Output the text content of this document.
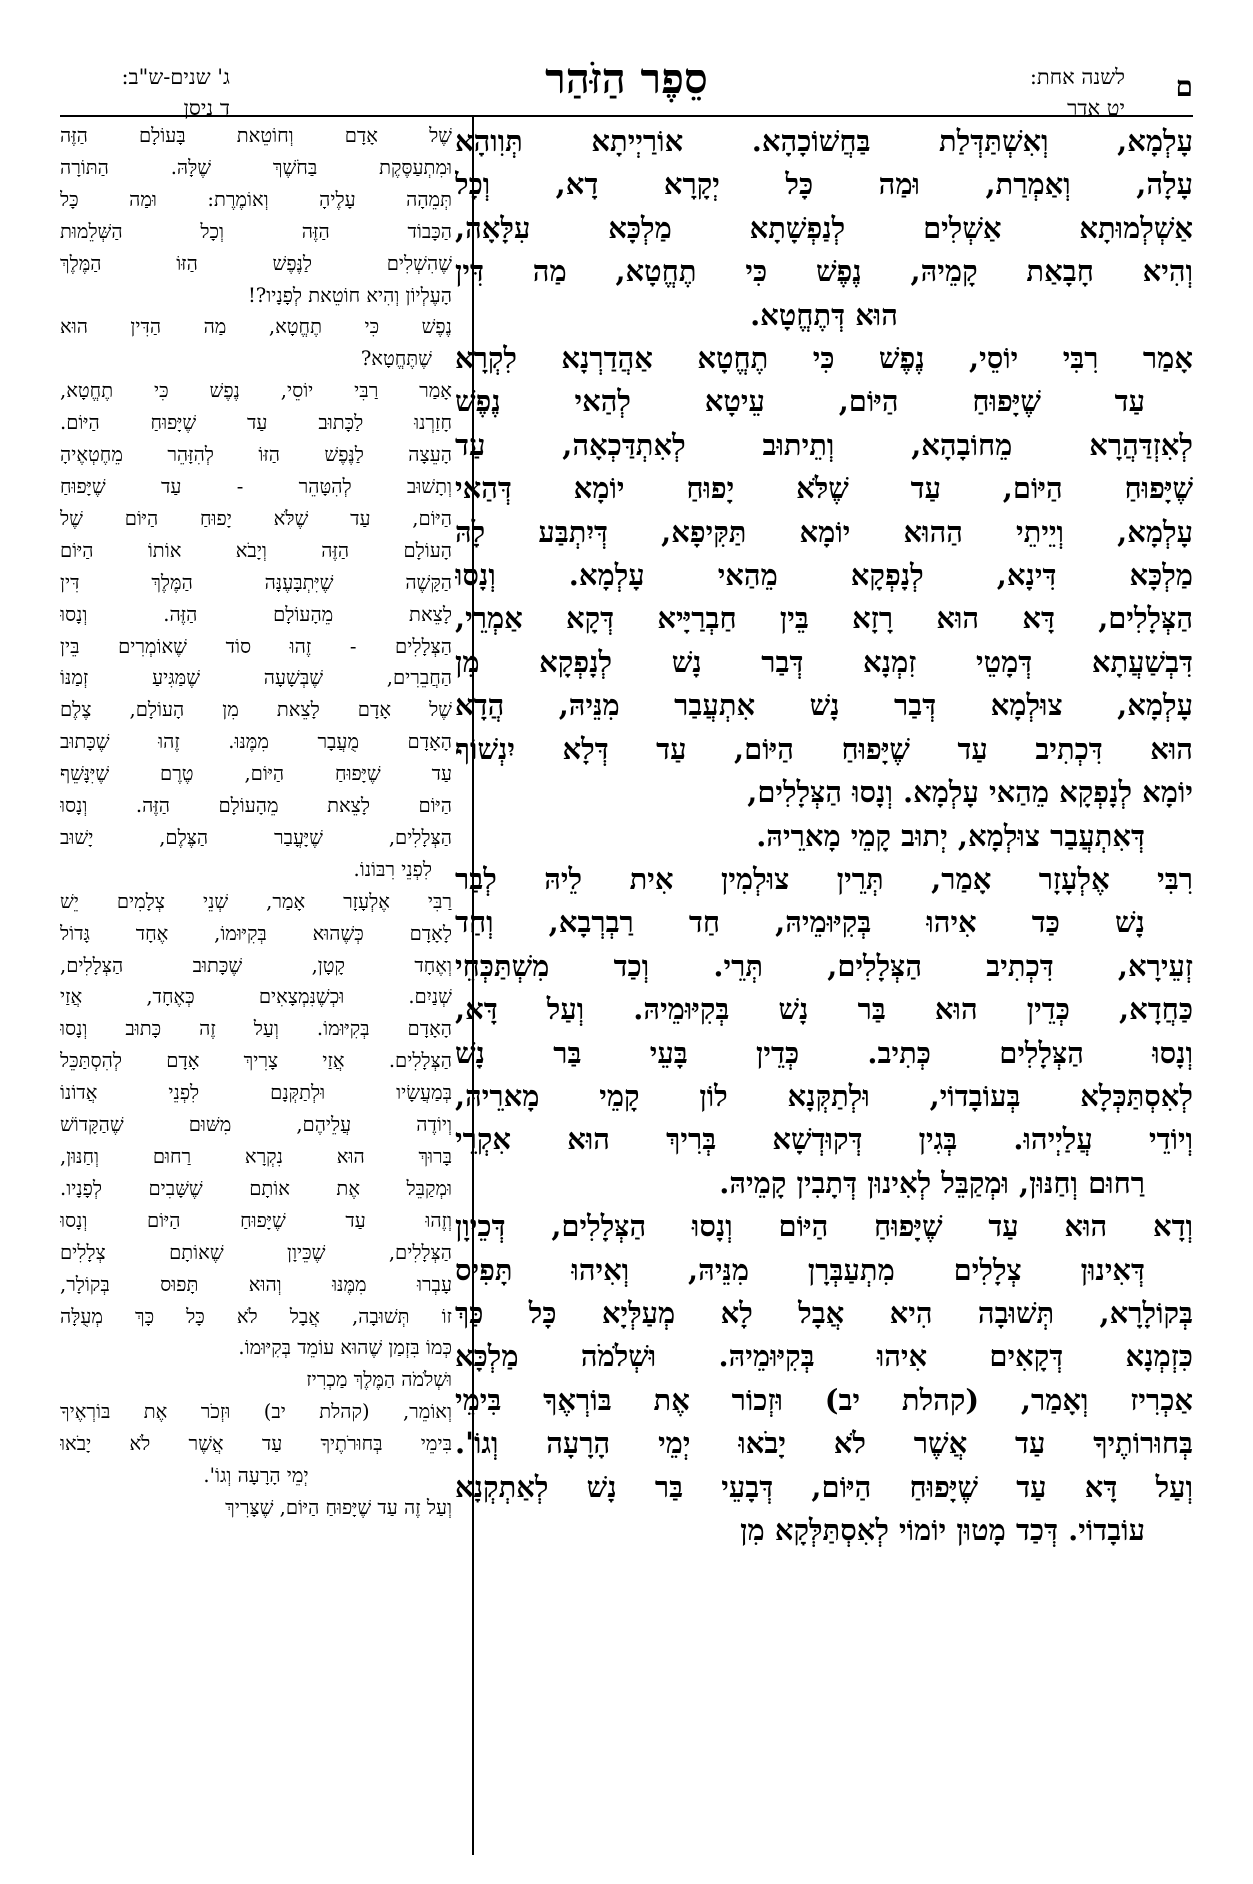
ם
לשנה אחת:
יט אדר
סֵפֶר הַזֹּהַר
ג' שנים-ש"ב:
ד ניסן
עָלְמָא, וְאִשְׁתַּדְּלַת בַּחֲשׁוֹכָהָא. אוֹרַיְיתָא תְּוִוהָא
עָלָה, וְאַמְרַת, וּמַה כָּל יְקָרָא דָא, וְכָל
אַשְׁלְמוּתָא אַשְׁלִים לְנַפְשָׁתָא מַלְכָּא עִלָּאָה,
וְהִיא חָבָאַת קָמֵיהּ, נֶפֶשׁ כִּי תֶחֱטָא, מַה דִּין
הוּא דְּתֶחֱטָא.
אָמַר רִבִּי יוֹסֵי, נֶפֶשׁ כִּי תֶחֱטָא אַהֲדַרְנָא לִקְרָא
עַד שֶׁיָּפוּחַ הַיּוֹם, עֵיטָא לְהַאי נֶפֶשׁ
לְאִזְדַּהֲרָא מֵחוֹבָהָא, וְתֵיתוּב לְאִתְדַּכְאָה, עַד
שֶׁיָּפוּחַ הַיּוֹם, עַד שֶׁלֹּא יָפוּחַ יוֹמָא דְּהַאי
עָלְמָא, וְיֵיתֵי הַהוּא יוֹמָא תַּקִּיפָא, דְּיִתְבַּע לָהּ
מַלְכָּא דִּינָא, לְנָפְקָא מֵהַאי עָלְמָא. וְנָסוּ
הַצְּלָלִים, דָּא הוּא רָזָא בֵּין חַבְרַיָּיא דְּקָא אַמְרֵי,
דִּבְשַׁעֲתָא דְּמָטֵי זִמְנָא דְּבַר נָשׁ לְנָפְקָא מִן
עָלְמָא, צוּלְמָא דְּבַר נָשׁ אִתְעֲבַר מִנֵּיהּ, הֲדָא
הוּא דִּכְתִיב עַד שֶׁיָּפוּחַ הַיּוֹם, עַד דְּלָא יִנְשׁוֹף
יוֹמָא לְנָפְקָא מֵהַאי עָלְמָא. וְנָסוּ הַצְּלָלִים,
דְּאִתְעֲבַר צוּלְמָא, יְתוּב קָמֵי מָארֵיהּ.
רִבִּי אֶלְעָזָר אָמַר, תְּרֵין צוּלְמִין אִית לֵיהּ לְבַר
נָשׁ כַּד אִיהוּ בְּקִיּוּמֵיהּ, חַד רַבְרְבָא, וְחַד
זְעֵירָא, דִּכְתִיב הַצְּלָלִים, תְּרֵי. וְכַד מִשְׁתַּכְּחֵי
כַּחֲדָא, כְּדֵין הוּא בַּר נָשׁ בְּקִיּוּמֵיהּ. וְעַל דָּא,
וְנָסוּ הַצְּלָלִים כְּתִיב. כְּדֵין בָּעֵי בַּר נָשׁ
לְאִסְתַּכְּלָא בְּעוֹבָדוֹי, וּלְתַקְּנָא לוֹן קָמֵי מָארֵיהּ,
וְיוֹדֵי עֲלַיְיהוּ. בְּגִין דְּקוּדְשָׁא בְּרִיךְ הוּא אִקְרֵי
רַחוּם וְחַנּוּן, וּמְקַבֵּל לְאִינוּן דְּתָבִין קָמֵיהּ.
וְדָא הוּא עַד שֶׁיָּפוּחַ הַיּוֹם וְנָסוּ הַצְּלָלִים, דְּכֵיוָן
דְּאִינוּן צְלָלִים מִתְעַבְּרָן מִנֵּיהּ, וְאִיהוּ תָּפִיס
בְּקוֹלָרָא, תְּשׁוּבָה הִיא אֲבָל לָא מְעַלְּיָא כָּל כַּךְ
כִּזְמְנָא דְּקָאִים אִיהוּ בְּקִיּוּמֵיהּ. וּשְׁלֹמֹה מַלְכָּא
אַכְרִיז וְאָמַר, (קהלת יב) וּזְכוֹר אֶת בּוֹרְאֶךָ בִּימֵי
בְּחוּרוֹתֶיךָ עַד אֲשֶׁר לֹא יָבֹאוּ יְמֵי הָרָעָה וְגוֹ'.
וְעַל דָּא עַד שֶׁיָּפוּחַ הַיּוֹם, דְּבָעֵי בַּר נָשׁ לְאַתְקְנָא
עוֹבָדוֹי. דְּכַד מָטוּן יוֹמוֹי לְאִסְתַּלְּקָא מִן
שֶׁל אָדָם וְחוֹטֵאת בָּעוֹלָם הַזֶּה
וּמִתְעַסֶּקֶת בַּחֹשֶׁךְ שֶׁלָּהּ. הַתּוֹרָה
תְּמֵהָה עָלֶיהָ וְאוֹמֶרֶת: וּמַה כָּל
הַכָּבוֹד הַזֶּה וְכָל הַשְּׁלֵמוּת
שֶׁהִשְׁלִים לַנֶּפֶשׁ הַזּוֹ הַמֶּלֶךְ
הָעֶלְיוֹן וְהִיא חוֹטֵאת לְפָנָיו?!
נֶפֶשׁ כִּי תֶחֱטָא, מַה הַדִּין הוּא
שֶׁתֶּחֱטָא?
אָמַר רַבִּי יוֹסֵי, נֶפֶשׁ כִּי תֶחֱטָא,
חָזַרְנוּ לַכָּתוּב עַד שֶׁיָּפוּחַ הַיּוֹם.
הָעֵצָה לַנֶּפֶשׁ הַזּוֹ לְהִזָּהֵר מֵחֶטְאֶיהָ
וְתָשׁוּב לְהִטָּהֵר - עַד שֶׁיָּפוּחַ
הַיּוֹם, עַד שֶׁלֹּא יָפוּחַ הַיּוֹם שֶׁל
הָעוֹלָם הַזֶּה וְיָבֹא אוֹתוֹ הַיּוֹם
הַקָּשֶׁה שֶׁיִּתְבָּעֶנָּה הַמֶּלֶךְ דִּין
לָצֵאת מֵהָעוֹלָם הַזֶּה. וְנָסוּ
הַצְּלָלִים - זֶהוּ סוֹד שֶׁאוֹמְרִים בֵּין
הַחֲבֵרִים, שֶׁבְּשָׁעָה שֶׁמַּגִּיעַ זְמַנּוֹ
שֶׁל אָדָם לָצֵאת מִן הָעוֹלָם, צֶלֶם
הָאָדָם מֻעֲבָר מִמֶּנּוּ. זֶהוּ שֶׁכָּתוּב
עַד שֶׁיָּפוּחַ הַיּוֹם, טֶרֶם שֶׁיִּנָּשֵׁף
הַיּוֹם לָצֵאת מֵהָעוֹלָם הַזֶּה. וְנָסוּ
הַצְּלָלִים, שֶׁיָּעֳבַר הַצֶּלֶם, יָשׁוּב
לִפְנֵי רִבּוֹנוֹ.
רַבִּי אֶלְעָזָר אָמַר, שְׁנֵי צְלָמִים יֵשׁ
לָאָדָם כְּשֶׁהוּא בְּקִיּוּמוֹ, אֶחָד גָּדוֹל
וְאֶחָד קָטָן, שֶׁכָּתוּב הַצְּלָלִים,
שְׁנַיִם. וּכְשֶׁנִּמְצָאִים כְּאֶחָד, אֲזַי
הָאָדָם בְּקִיּוּמוֹ. וְעַל זֶה כָּתוּב וְנָסוּ
הַצְּלָלִים. אֲזַי צָרִיךְ אָדָם לְהִסְתַּכֵּל
בְּמַעֲשָׂיו וּלְתַקְּנָם לִפְנֵי אֲדוֹנוֹ
וְיוֹדֶה עֲלֵיהֶם, מִשּׁוּם שֶׁהַקָּדוֹשׁ
בָּרוּךְ הוּא נִקְרָא רַחוּם וְחַנּוּן,
וּמְקַבֵּל אֶת אוֹתָם שֶׁשָּׁבִים לְפָנָיו.
וְזֶהוּ עַד שֶׁיָּפוּחַ הַיּוֹם וְנָסוּ
הַצְּלָלִים, שֶׁכֵּיוָן שֶׁאוֹתָם צְלָלִים
עָבְרוּ מִמֶּנּוּ וְהוּא תָּפוּס בְּקוֹלָר,
זוֹ תְּשׁוּבָה, אֲבָל לֹא כָּל כָּךְ מְעֻלָּה
כְּמוֹ בִּזְמַן שֶׁהוּא עוֹמֵד בְּקִיּוּמוֹ.
וּשְׁלֹמֹה הַמֶּלֶךְ מַכְרִיז
וְאוֹמֵר, (קהלת יב) וּזְכֹר אֶת בּוֹרְאֶיךָ
בִּימֵי בְּחוּרֹתֶיךָ עַד אֲשֶׁר לֹא יָבֹאוּ
יְמֵי הָרָעָה וְגוֹ'.
וְעַל זֶה עַד שֶׁיָּפוּחַ הַיּוֹם, שֶׁצָּרִיךְ
